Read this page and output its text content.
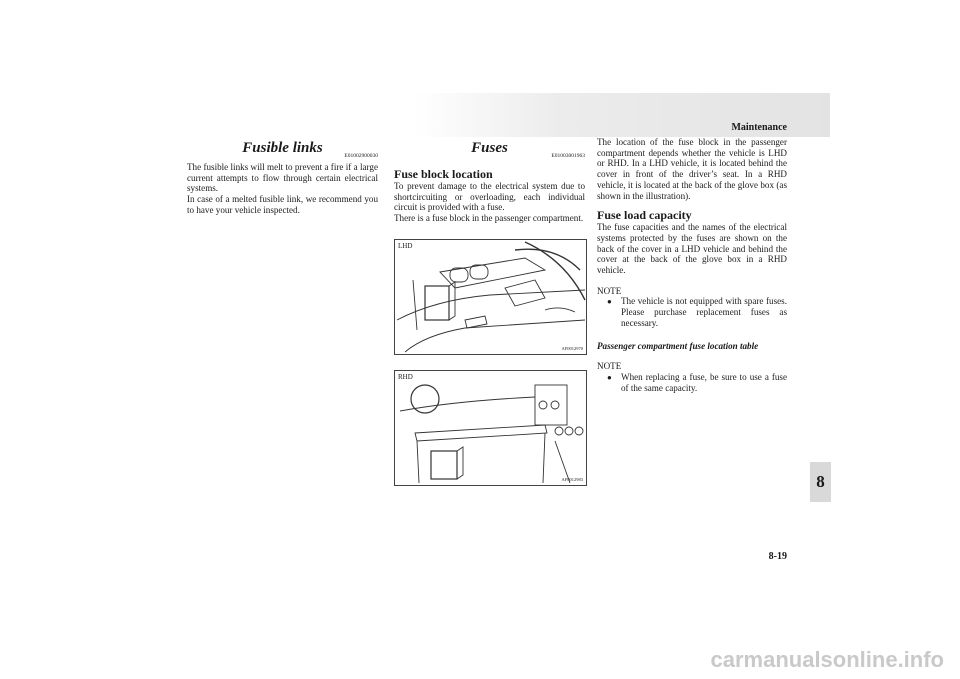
Maintenance
Fusible links	E01002900030

The fusible links will melt to prevent a fire if a large current attempts to flow through certain electrical systems.

In case of a melted fusible link, we recommend you to have your vehicle inspected.

Fuses	E01003001963
Fuse block location

To prevent damage to the electrical system due to shortcircuiting or overloading, each individual circuit is provided with a fuse.

There is a fuse block in the passenger compartment.

LHD
AF0012970
RHD
AF0012983

The location of the fuse block in the passenger compartment depends whether the vehicle is LHD or RHD. In a LHD vehicle, it is located behind the cover in front of the driver’s seat. In a RHD vehicle, it is located at the back of the glove box (as shown in the illustration).

Fuse load capacity

The fuse capacities and the names of the electrical systems protected by the fuses are shown on the back of the cover in a LHD vehicle and behind the cover at the back of the glove box in a RHD vehicle.

NOTE
●	The vehicle is not equipped with spare fuses. Please purchase replacement fuses as necessary.

Passenger compartment fuse location table
NOTE
●	When replacing a fuse, be sure to use a fuse of the same capacity.

8
8-19
carmanualsonline.info
